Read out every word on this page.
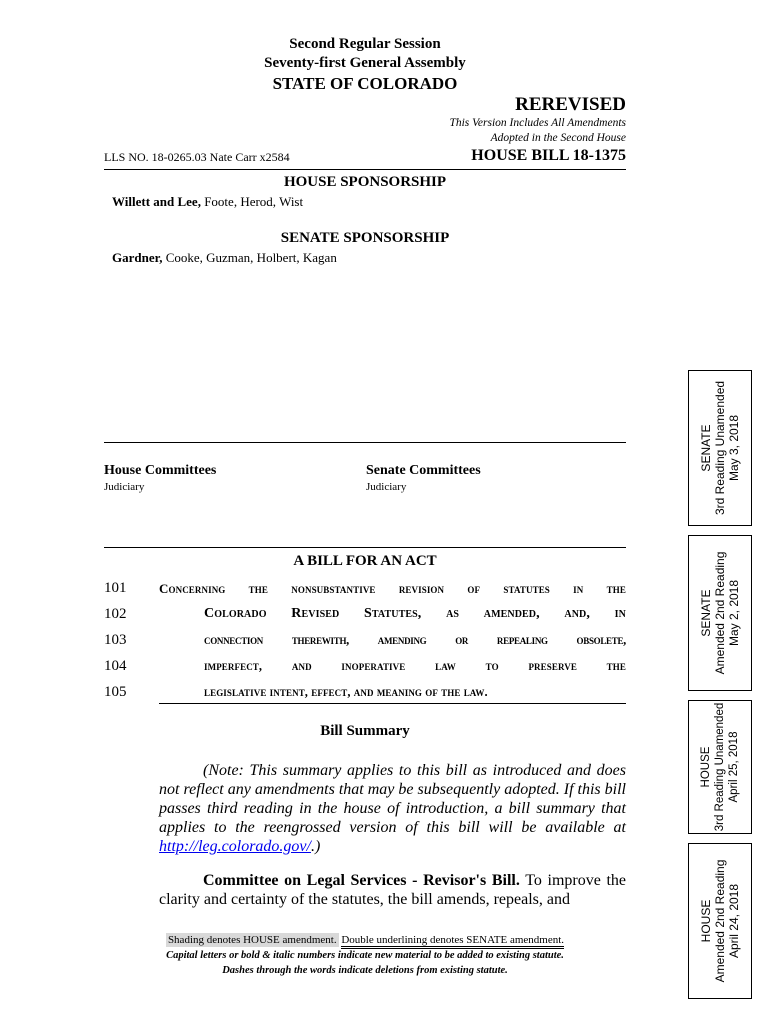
Second Regular Session
Seventy-first General Assembly
STATE OF COLORADO
REREVISED
This Version Includes All Amendments
Adopted in the Second House
LLS NO. 18-0265.03 Nate Carr x2584	HOUSE BILL 18-1375
HOUSE SPONSORSHIP
Willett and Lee, Foote, Herod, Wist
SENATE SPONSORSHIP
Gardner, Cooke, Guzman, Holbert, Kagan
House Committees
Judiciary
Senate Committees
Judiciary
A BILL FOR AN ACT
101	Concerning the nonsubstantive revision of statutes in the
102	Colorado Revised Statutes, as amended, and, in
103	connection therewith, amending or repealing obsolete,
104	imperfect, and inoperative law to preserve the
105	legislative intent, effect, and meaning of the law.
Bill Summary
(Note: This summary applies to this bill as introduced and does not reflect any amendments that may be subsequently adopted. If this bill passes third reading in the house of introduction, a bill summary that applies to the reengrossed version of this bill will be available at http://leg.colorado.gov/.)
Committee on Legal Services - Revisor's Bill. To improve the clarity and certainty of the statutes, the bill amends, repeals, and
Shading denotes HOUSE amendment. Double underlining denotes SENATE amendment.
Capital letters or bold & italic numbers indicate new material to be added to existing statute.
Dashes through the words indicate deletions from existing statute.
SENATE 3rd Reading Unamended May 3, 2018
SENATE Amended 2nd Reading May 2, 2018
HOUSE 3rd Reading Unamended April 25, 2018
HOUSE Amended 2nd Reading April 24, 2018
